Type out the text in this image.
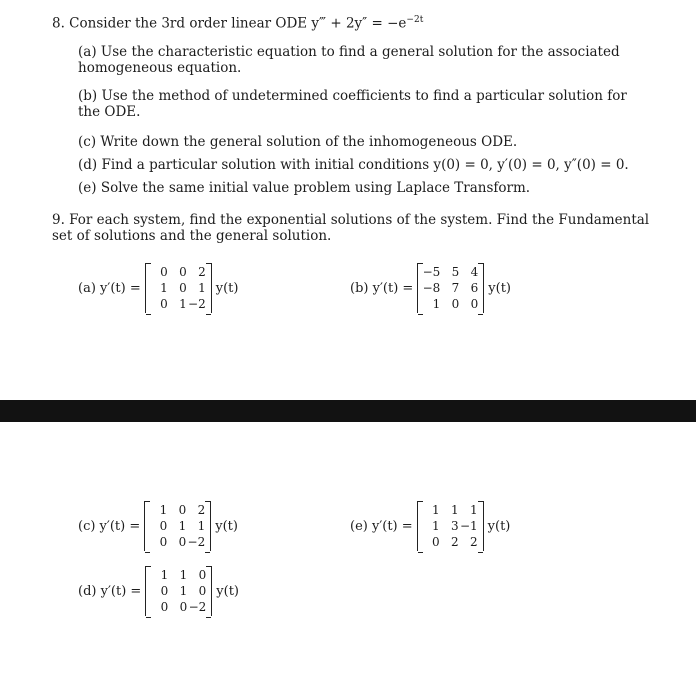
8. Consider the 3rd order linear ODE y‴ + $2y'' = -e^{-2t}$
(a) Use the characteristic equation to find a general solution for the associated homogeneous equation.
(b) Use the method of undetermined coefficients to find a particular solution for the ODE.
(c) Write down the general solution of the inhomogeneous ODE.
(d) Find a particular solution with initial conditions y(0) = 0, y′(0) = 0, y″(0) = 0.
(e) Solve the same initial value problem using Laplace Transform.
9. For each system, find the exponential solutions of the system. Find the Fundamental set of solutions and the general solution.
(a) y′(t) =
0 0 2
1 0 1
0 1 −2
y(t)	(b) y′(t) =
−5 5 4
−8 7 6
1 0 0
y(t)
(c) y′(t) =
1 0 2
0 1 1
0 0 −2
y(t)	(e) y′(t) =
1 1 1
1 3 −1
0 2 2
y(t)
(d) y′(t) =
1 1 0
0 1 0
0 0 −2
y(t)
